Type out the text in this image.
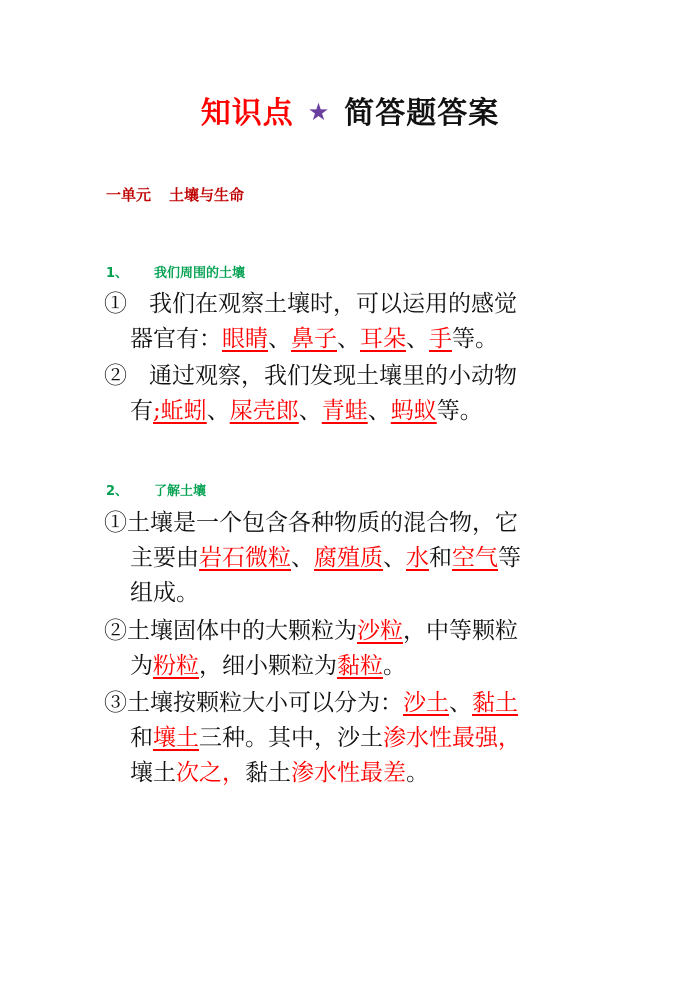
知识点 ★ 简答题答案
一单元 土壤与生命
1、 我们周围的土壤
① 我们在观察土壤时，可以运用的感觉
器官有：眼睛、鼻子、耳朵、手等。
② 通过观察，我们发现土壤里的小动物
有;蚯蚓、屎壳郎、青蛙、蚂蚁等。
2、 了解土壤
①土壤是一个包含各种物质的混合物，它
主要由岩石微粒、腐殖质、水和空气等
组成。
②土壤固体中的大颗粒为沙粒，中等颗粒
为粉粒，细小颗粒为黏粒。
③土壤按颗粒大小可以分为：沙土、黏土
和壤土三种。其中，沙土渗水性最强，
壤土次之，黏土渗水性最差。
